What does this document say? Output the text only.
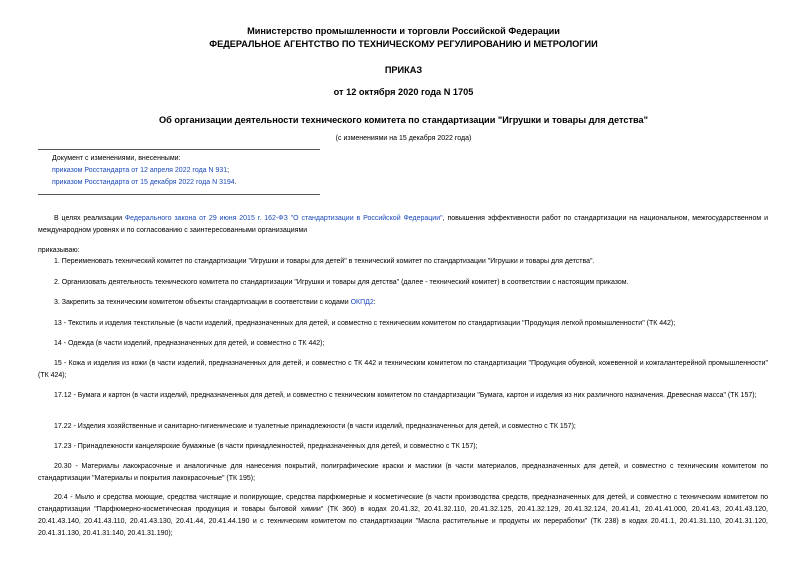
Министерство промышленности и торговли Российской Федерации
ФЕДЕРАЛЬНОЕ АГЕНТСТВО ПО ТЕХНИЧЕСКОМУ РЕГУЛИРОВАНИЮ И МЕТРОЛОГИИ
ПРИКАЗ
от 12 октября 2020 года N 1705
Об организации деятельности технического комитета по стандартизации "Игрушки и товары для детства"
(с изменениями на 15 декабря 2022 года)
Документ с изменениями, внесенными:
приказом Росстандарта от 12 апреля 2022 года N 931;
приказом Росстандарта от 15 декабря 2022 года N 3194.
В целях реализации Федерального закона от 29 июня 2015 г. 162-ФЗ "О стандартизации в Российской Федерации", повышения эффективности работ по стандартизации на национальном, межгосударственном и международном уровнях и по согласованию с заинтересованными организациями
приказываю:
1. Переименовать технический комитет по стандартизации "Игрушки и товары для детей" в технический комитет по стандартизации "Игрушки и товары для детства".
2. Организовать деятельность технического комитета по стандартизации "Игрушки и товары для детства" (далее - технический комитет) в соответствии с настоящим приказом.
3. Закрепить за техническим комитетом объекты стандартизации в соответствии с кодами ОКПД2:
13 - Текстиль и изделия текстильные (в части изделий, предназначенных для детей, и совместно с техническим комитетом по стандартизации "Продукция легкой промышленности" (ТК 442);
14 - Одежда (в части изделий, предназначенных для детей, и совместно с ТК 442);
15 - Кожа и изделия из кожи (в части изделий, предназначенных для детей, и совместно с ТК 442 и техническим комитетом по стандартизации "Продукция обувной, кожевенной и кожгалантерейной промышленности" (ТК 424);
17.12 - Бумага и картон (в части изделий, предназначенных для детей, и совместно с техническим комитетом по стандартизации "Бумага, картон и изделия из них различного назначения. Древесная масса" (ТК 157);
17.22 - Изделия хозяйственные и санитарно-гигиенические и туалетные принадлежности (в части изделий, предназначенных для детей, и совместно с ТК 157);
17.23 - Принадлежности канцелярские бумажные (в части принадлежностей, предназначенных для детей, и совместно с ТК 157);
20.30 - Материалы лакокрасочные и аналогичные для нанесения покрытий, полиграфические краски и мастики (в части материалов, предназначенных для детей, и совместно с техническим комитетом по стандартизации "Материалы и покрытия лакокрасочные" (ТК 195);
20.4 - Мыло и средства моющие, средства чистящие и полирующие, средства парфюмерные и косметические (в части производства средств, предназначенных для детей, и совместно с техническим комитетом по стандартизации "Парфюмерно-косметическая продукция и товары бытовой химии" (ТК 360) в кодах 20.41.32, 20.41.32.110, 20.41.32.125, 20.41.32.129, 20.41.32.124, 20.41.41, 20.41.41.000, 20.41.43, 20.41.43.120, 20.41.43.140, 20.41.43.110, 20.41.43.130, 20.41.44, 20.41.44.190 и с техническим комитетом по стандартизации "Масла растительные и продукты их переработки" (ТК 238) в кодах 20.41.1, 20.41.31.110, 20.41.31.120, 20.41.31.130, 20.41.31.140, 20.41.31.190);
